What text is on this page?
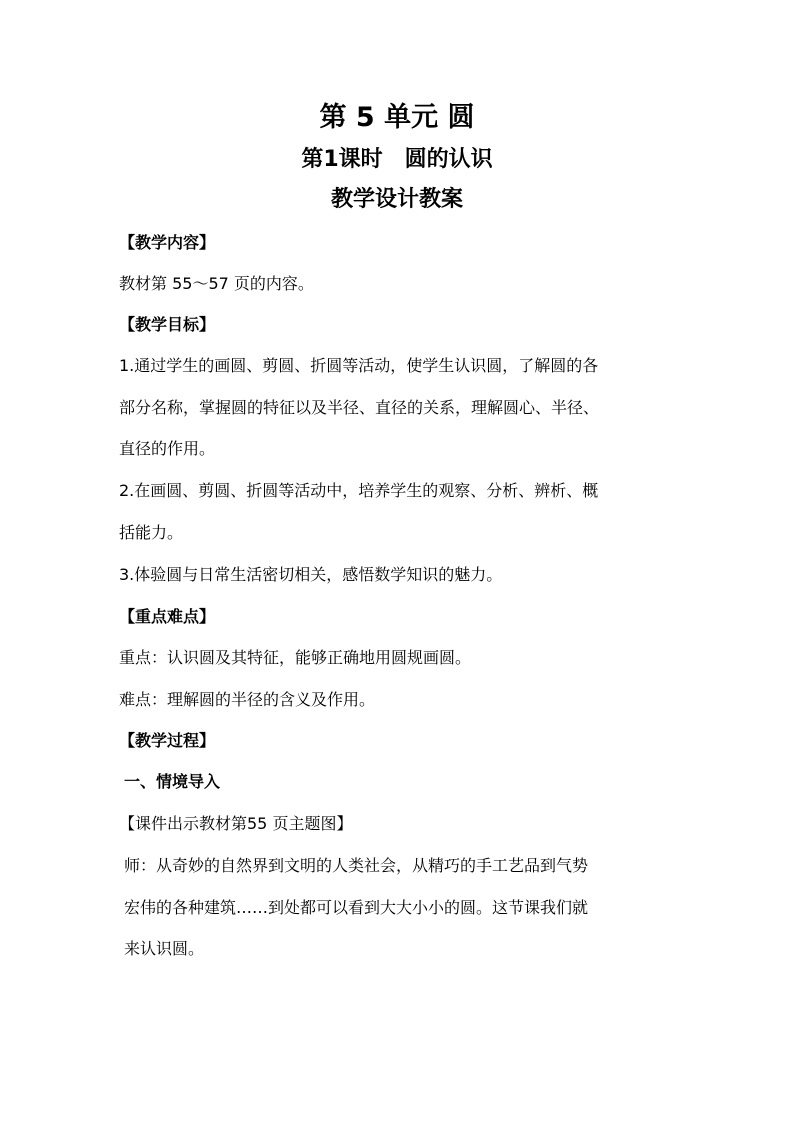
第 5 单元 圆
第1课时　圆的认识
教学设计教案
【教学内容】
教材第 55～57 页的内容。
【教学目标】
1.通过学生的画圆、剪圆、折圆等活动，使学生认识圆，了解圆的各
部分名称，掌握圆的特征以及半径、直径的关系，理解圆心、半径、
直径的作用。
2.在画圆、剪圆、折圆等活动中，培养学生的观察、分析、辨析、概
括能力。
3.体验圆与日常生活密切相关，感悟数学知识的魅力。
【重点难点】
重点：认识圆及其特征，能够正确地用圆规画圆。
难点：理解圆的半径的含义及作用。
【教学过程】
一、情境导入
【课件出示教材第55 页主题图】
师：从奇妙的自然界到文明的人类社会，从精巧的手工艺品到气势
宏伟的各种建筑……到处都可以看到大大小小的圆。这节课我们就
来认识圆。
